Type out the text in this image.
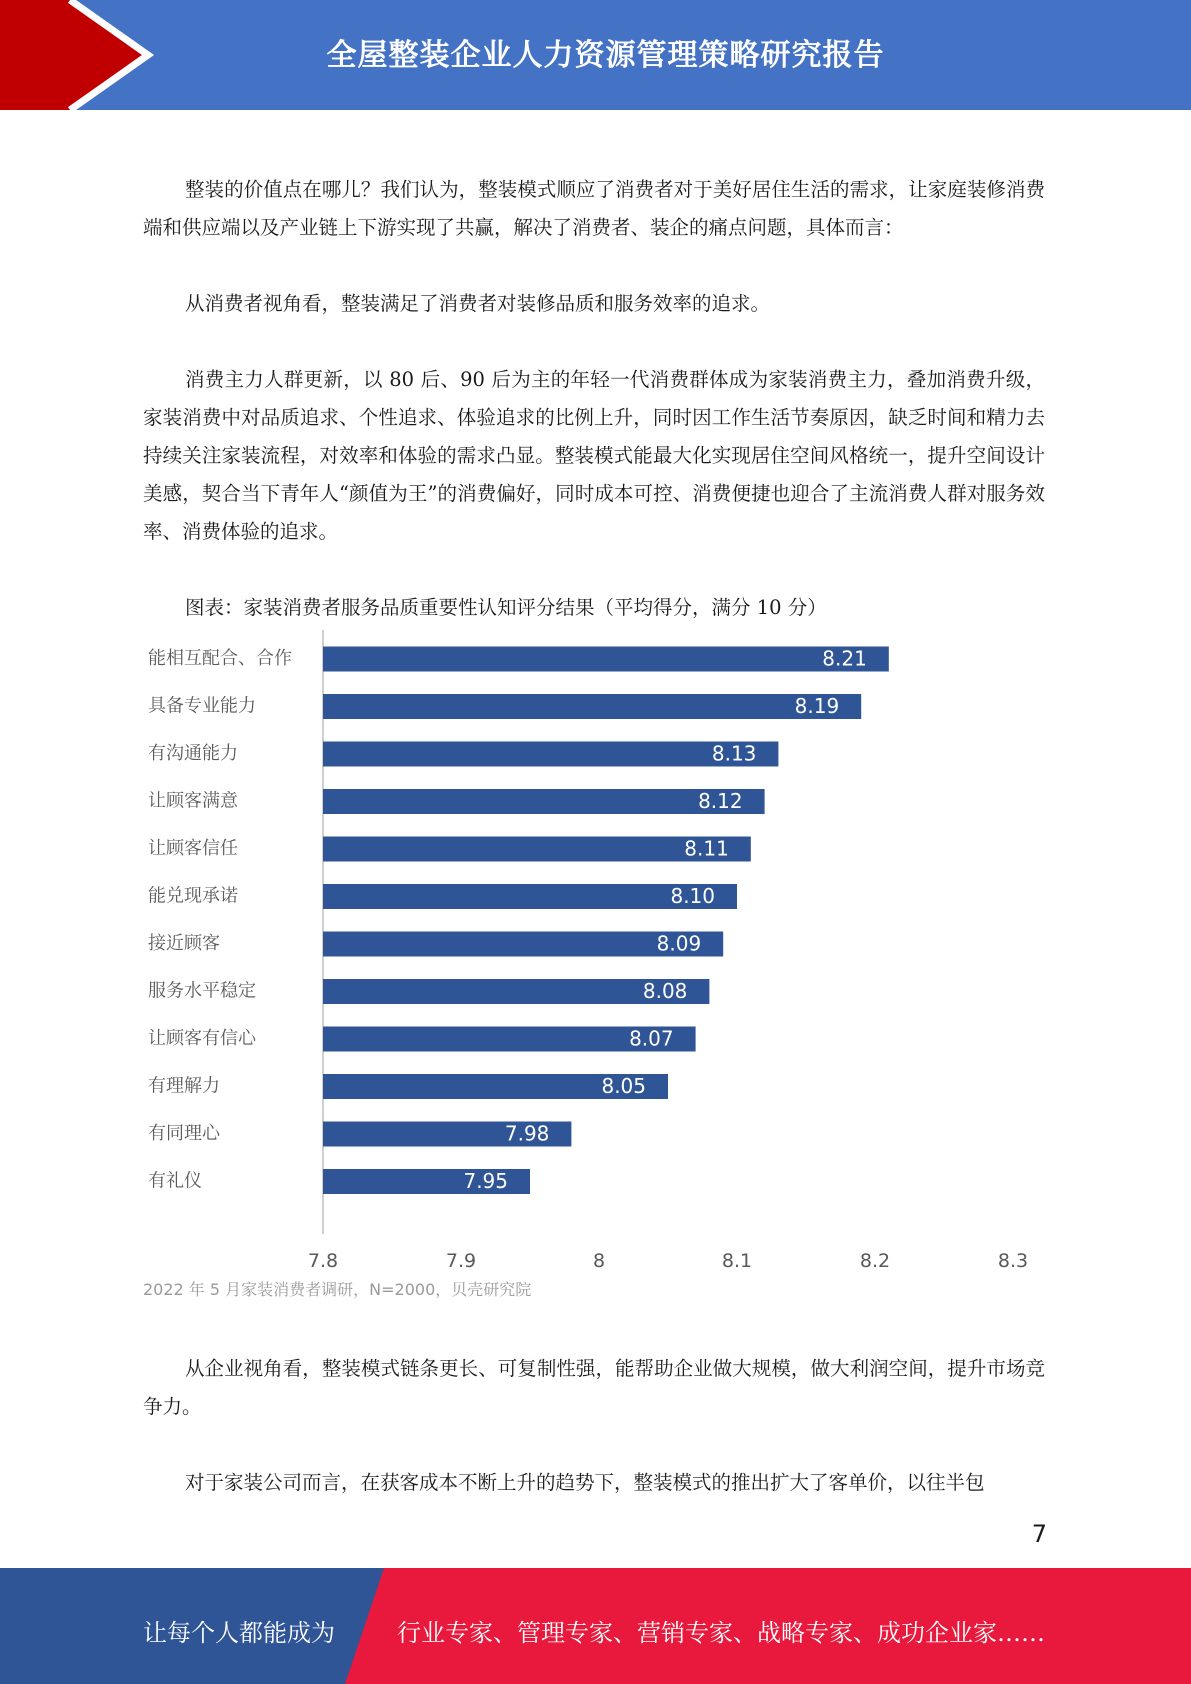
全屋整装企业人力资源管理策略研究报告

整装的价值点在哪儿？我们认为，整装模式顺应了消费者对于美好居住生活的需求，让家庭装修消费端和供应端以及产业链上下游实现了共赢，解决了消费者、装企的痛点问题，具体而言：

从消费者视角看，整装满足了消费者对装修品质和服务效率的追求。

消费主力人群更新，以 80 后、90 后为主的年轻一代消费群体成为家装消费主力，叠加消费升级，家装消费中对品质追求、个性追求、体验追求的比例上升，同时因工作生活节奏原因，缺乏时间和精力去持续关注家装流程，对效率和体验的需求凸显。整装模式能最大化实现居住空间风格统一，提升空间设计美感，契合当下青年人“颜值为王”的消费偏好，同时成本可控、消费便捷也迎合了主流消费人群对服务效率、消费体验的追求。

图表：家装消费者服务品质重要性认知评分结果（平均得分，满分 10 分）
能相互配合、合作	8.21
具备专业能力	8.19
有沟通能力	8.13
让顾客满意	8.12
让顾客信任	8.11
能兑现承诺	8.10
接近顾客	8.09
服务水平稳定	8.08
让顾客有信心	8.07
有理解力	8.05
有同理心	7.98
有礼仪	7.95
7.8	7.9	8	8.1	8.2	8.3
2022 年 5 月家装消费者调研，N=2000，贝壳研究院

从企业视角看，整装模式链条更长、可复制性强，能帮助企业做大规模，做大利润空间，提升市场竞争力。

对于家装公司而言，在获客成本不断上升的趋势下，整装模式的推出扩大了客单价，以往半包

7
让每个人都能成为	行业专家、管理专家、营销专家、战略专家、成功企业家……
